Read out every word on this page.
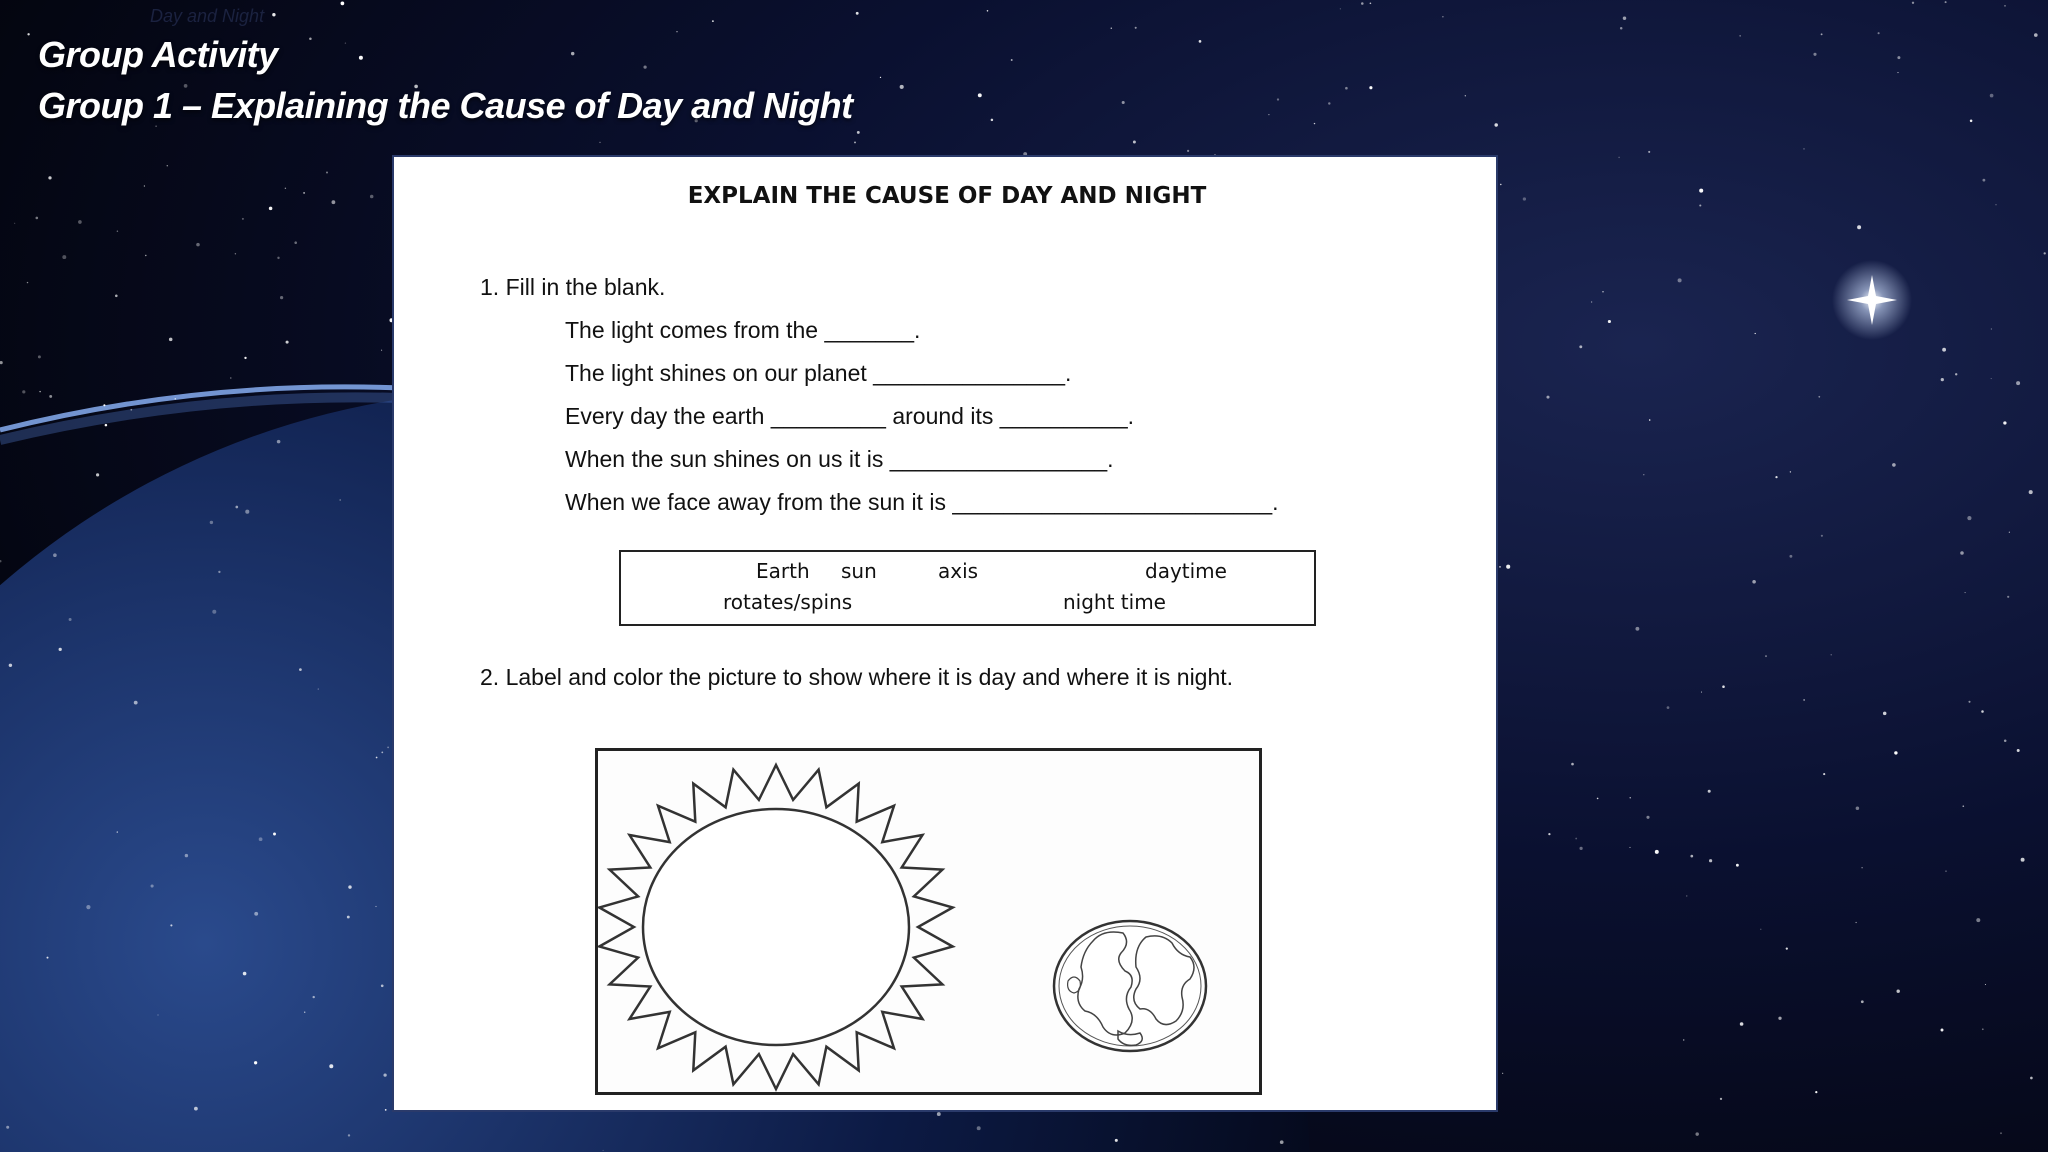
Day and Night
Group Activity
Group 1 – Explaining the Cause of Day and Night
EXPLAIN THE CAUSE OF DAY AND NIGHT
1. Fill in the blank.
The light comes from the _______.
The light shines on our planet _______________.
Every day the earth _________ around its __________.
When the sun shines on us it is _________________.
When we face away from the sun it is _________________________.
Earth sun	axis	daytime
rotates/spins	night time
2. Label and color the picture to show where it is day and where it is night.
